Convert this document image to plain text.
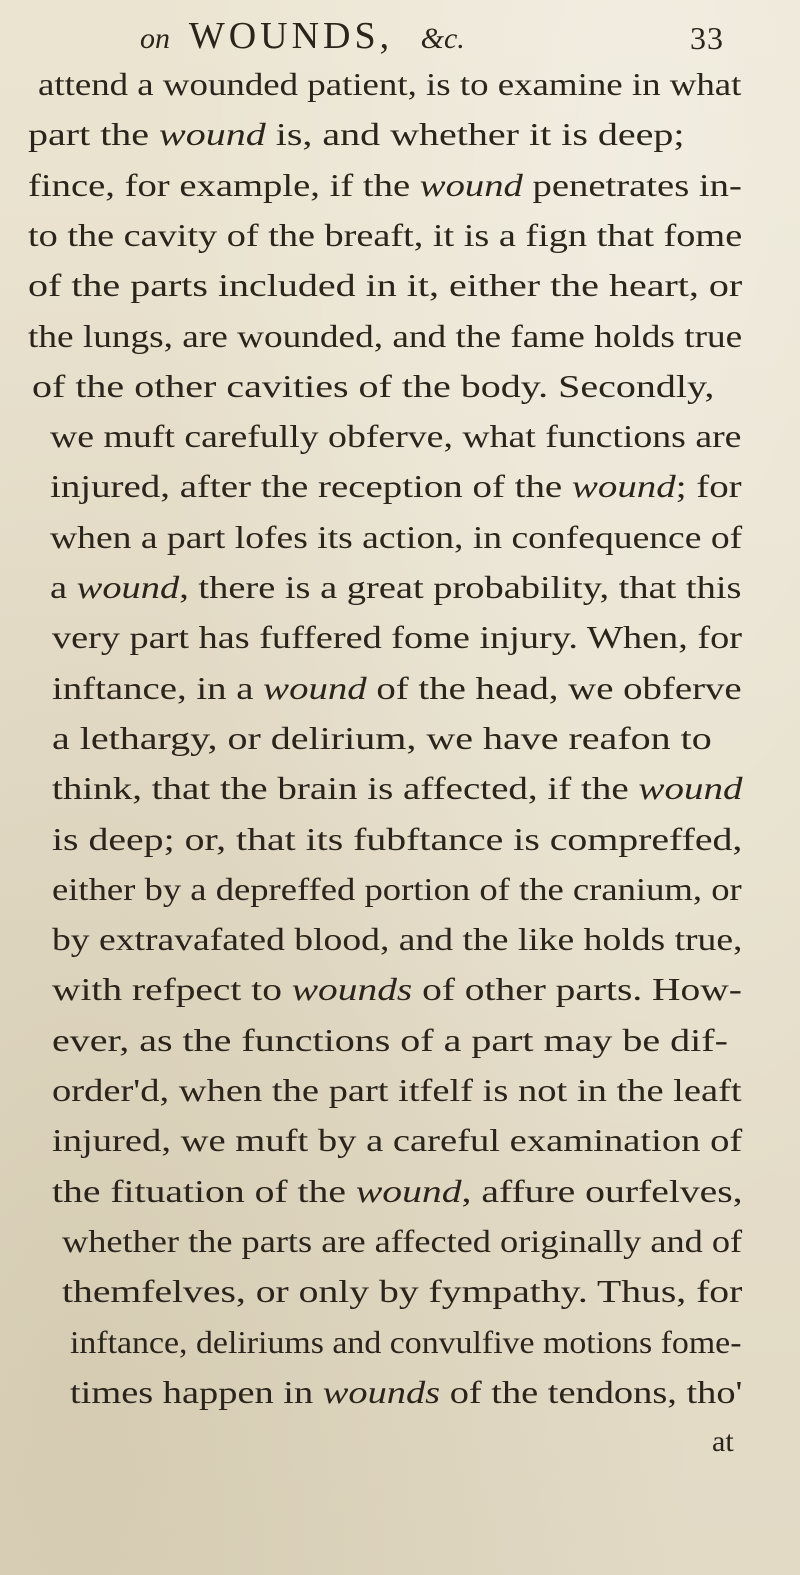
on WOUNDS, &c.	33
attend a wounded patient, is to examine in what
part the wound is, and whether it is deep;
fince, for example, if the wound penetrates in-
to the cavity of the breaft, it is a fign that fome
of the parts included in it, either the heart, or
the lungs, are wounded, and the fame holds true
of the other cavities of the body. Secondly,
we muft carefully obferve, what functions are
injured, after the reception of the wound; for
when a part lofes its action, in confequence of
a wound, there is a great probability, that this
very part has fuffered fome injury. When, for
inftance, in a wound of the head, we obferve
a lethargy, or delirium, we have reafon to
think, that the brain is affected, if the wound
is deep; or, that its fubftance is compreffed,
either by a depreffed portion of the cranium, or
by extravafated blood, and the like holds true,
with refpect to wounds of other parts. How-
ever, as the functions of a part may be dif-
order'd, when the part itfelf is not in the leaft
injured, we muft by a careful examination of
the fituation of the wound, affure ourfelves,
whether the parts are affected originally and of
themfelves, or only by fympathy. Thus, for
inftance, deliriums and convulfive motions fome-
times happen in wounds of the tendons, tho'
at
